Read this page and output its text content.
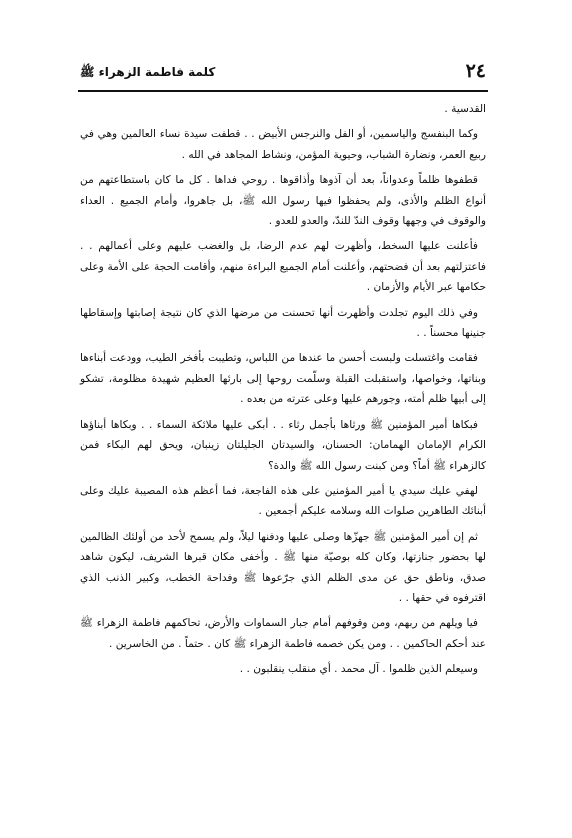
٢٤
كلمة فاطمة الزهراء ﷺ

القدسية .

وكما البنفسج والياسمين، أو الفل والنرجس الأبيض . . قطفت سيدة نساء العالمين وهي في ربيع العمر، ونضارة الشباب، وحيوية المؤمن، ونشاط المجاهد في الله .

قطفوها ظلماً وعدواناً، بعد أن آذوها وأذاقوها . روحي فداها . كل ما كان باستطاعتهم من أنواع الظلم والأذى، ولم يحفظوا فيها رسول الله ﷺ، بل جاهروا، وأمام الجميع . العداء والوقوف في وجهها وقوف الندّ للندّ، والعدو للعدو .

فأعلنت عليها السخط، وأظهرت لهم عدم الرضا، بل والغضب عليهم وعلى أعمالهم . . فاعتزلتهم بعد أن فضحتهم، وأعلنت أمام الجميع البراءة منهم، وأقامت الحجة على الأمة وعلى حكامها عبر الأيام والأزمان .

وفي ذلك اليوم تجلدت وأظهرت أنها تحسنت من مرضها الذي كان نتيجة إصابتها وإسقاطها جنينها محسناً . .

فقامت واغتسلت ولبست أحسن ما عندها من اللباس، وتطيبت بأفخر الطيب، وودعت أبناءها وبناتها، وخواصها، واستقبلت القبلة وسلّمت روحها إلى بارئها العظيم شهيدة مظلومة، تشكو إلى أبيها ظلم أمته، وجورهم عليها وعلى عترته من بعده .

فبكاها أمير المؤمنين ﷺ ورثاها بأجمل رثاء . . أبكى عليها ملائكة السماء . . وبكاها أبناؤها الكرام الإمامان الهمامان: الحسنان، والسيدتان الجليلتان زينبان، ويحق لهم البكاء فمن كالزهراء ﷺ أماً؟ ومن كبنت رسول الله ﷺ والدة؟

لهفي عليك سيدي يا أمير المؤمنين على هذه الفاجعة، فما أعظم هذه المصيبة عليك وعلى أبنائك الطاهرين صلوات الله وسلامه عليكم أجمعين .

ثم إن أمير المؤمنين ﷺ جهزّها وصلى عليها ودفنها ليلاً، ولم يسمح لأحد من أولئك الظالمين لها بحضور جنازتها، وكان كله بوصيّة منها ﷺ . وأخفى مكان قبرها الشريف، ليكون شاهد صدق، وناطق حق عن مدى الظلم الذي جرّعوها ﷺ وفداحة الخطب، وكبير الذنب الذي اقترفوه في حقها . .

فيا ويلهم من ربهم، ومن وقوفهم أمام جبار السماوات والأرض، تحاكمهم فاطمة الزهراء ﷺ عند أحكم الحاكمين . . ومن يكن خصمه فاطمة الزهراء ﷺ كان . حتماً . من الخاسرين .

وسيعلم الذين ظلموا . آل محمد . أي منقلب ينقلبون . .
